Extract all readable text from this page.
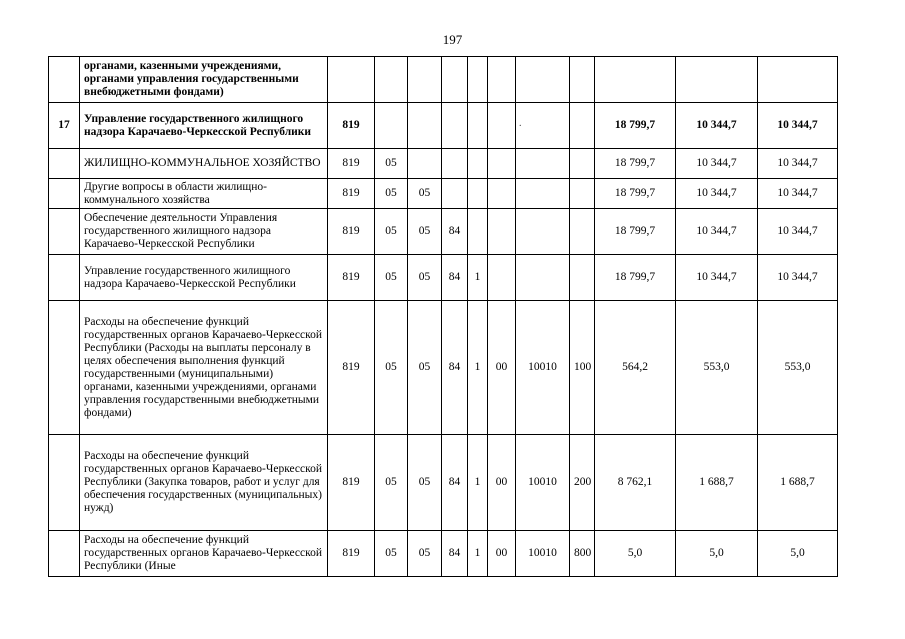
197
	органами, казенными учреждениями, органами управления государственными внебюджетными фондами)											
17	Управление государственного жилищного надзора Карачаево-Черкесской Республики	819								18 799,7	10 344,7	10 344,7
	ЖИЛИЩНО-КОММУНАЛЬНОЕ ХОЗЯЙСТВО	819	05							18 799,7	10 344,7	10 344,7
	Другие вопросы в области жилищно-коммунального хозяйства	819	05	05						18 799,7	10 344,7	10 344,7
	Обеспечение деятельности Управления государственного жилищного надзора Карачаево-Черкесской Республики	819	05	05	84					18 799,7	10 344,7	10 344,7
	Управление государственного жилищного надзора Карачаево-Черкесской Республики	819	05	05	84	1				18 799,7	10 344,7	10 344,7
	Расходы на обеспечение функций государственных органов Карачаево-Черкесской Республики (Расходы на выплаты персоналу в целях обеспечения выполнения функций государственными (муниципальными) органами, казенными учреждениями, органами управления государственными внебюджетными фондами)	819	05	05	84	1	00	10010	100	564,2	553,0	553,0
	Расходы на обеспечение функций государственных органов Карачаево-Черкесской Республики (Закупка товаров, работ и услуг для обеспечения государственных (муниципальных) нужд)	819	05	05	84	1	00	10010	200	8 762,1	1 688,7	1 688,7
	Расходы на обеспечение функций государственных органов Карачаево-Черкесской Республики (Иные	819	05	05	84	1	00	10010	800	5,0	5,0	5,0
.
